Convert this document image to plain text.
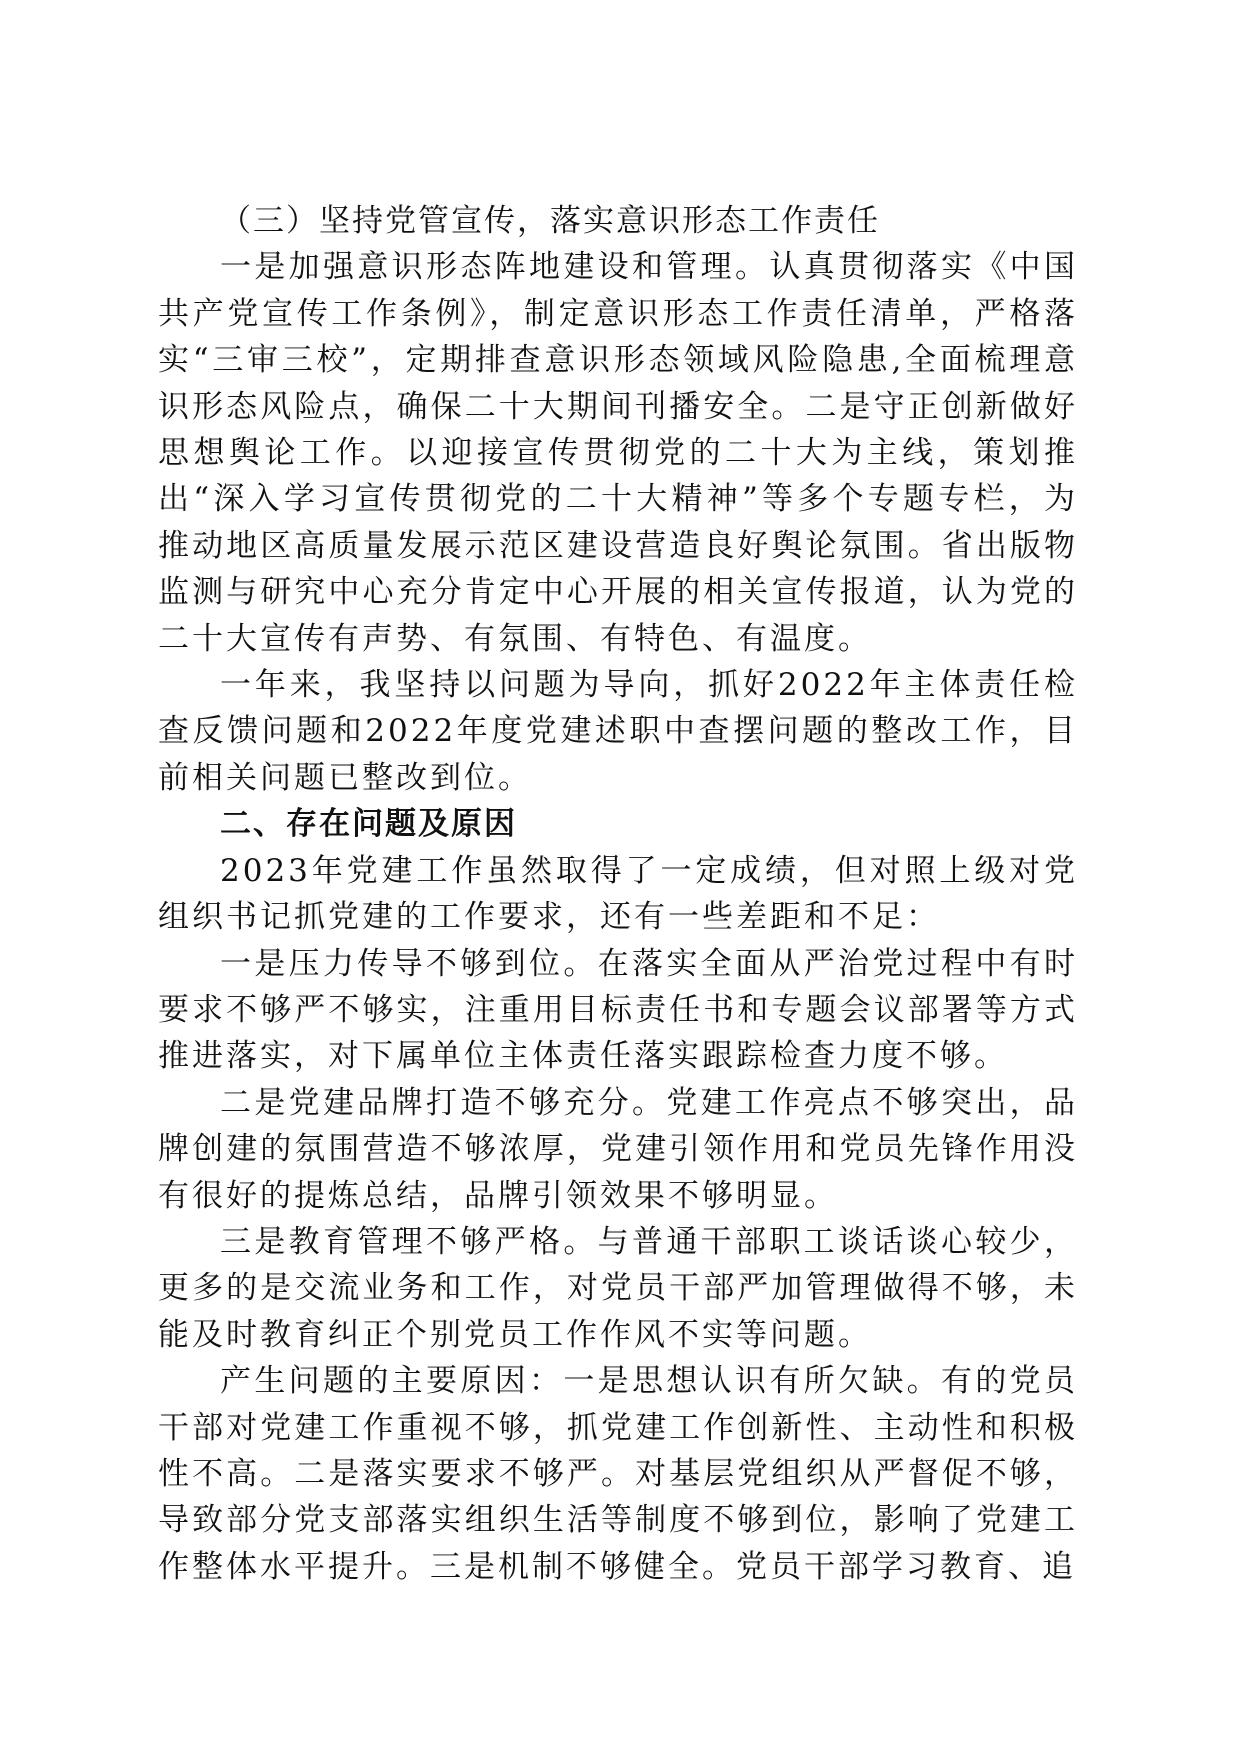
（三）坚持党管宣传，落实意识形态工作责任

一是加强意识形态阵地建设和管理。认真贯彻落实《中国共产党宣传工作条例》，制定意识形态工作责任清单，严格落实“三审三校”，定期排查意识形态领域风险隐患,全面梳理意识形态风险点，确保二十大期间刊播安全。二是守正创新做好思想舆论工作。以迎接宣传贯彻党的二十大为主线，策划推出“深入学习宣传贯彻党的二十大精神”等多个专题专栏，为推动地区高质量发展示范区建设营造良好舆论氛围。省出版物监测与研究中心充分肯定中心开展的相关宣传报道，认为党的二十大宣传有声势、有氛围、有特色、有温度。

一年来，我坚持以问题为导向，抓好2022年主体责任检查反馈问题和2022年度党建述职中查摆问题的整改工作，目前相关问题已整改到位。

二、存在问题及原因

2023年党建工作虽然取得了一定成绩，但对照上级对党组织书记抓党建的工作要求，还有一些差距和不足：

一是压力传导不够到位。在落实全面从严治党过程中有时要求不够严不够实，注重用目标责任书和专题会议部署等方式推进落实，对下属单位主体责任落实跟踪检查力度不够。

二是党建品牌打造不够充分。党建工作亮点不够突出，品牌创建的氛围营造不够浓厚，党建引领作用和党员先锋作用没有很好的提炼总结，品牌引领效果不够明显。

三是教育管理不够严格。与普通干部职工谈话谈心较少，更多的是交流业务和工作，对党员干部严加管理做得不够，未能及时教育纠正个别党员工作作风不实等问题。

产生问题的主要原因：一是思想认识有所欠缺。有的党员干部对党建工作重视不够，抓党建工作创新性、主动性和积极性不高。二是落实要求不够严。对基层党组织从严督促不够，导致部分党支部落实组织生活等制度不够到位，影响了党建工作整体水平提升。三是机制不够健全。党员干部学习教育、追
